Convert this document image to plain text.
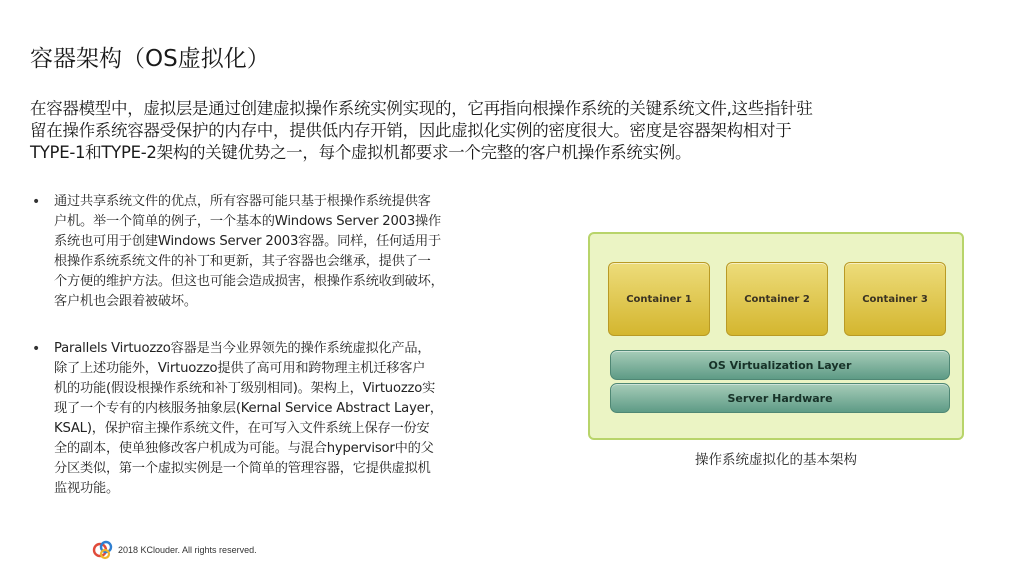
容器架构（OS虚拟化）
在容器模型中，虚拟层是通过创建虚拟操作系统实例实现的，它再指向根操作系统的关键系统文件,这些指针驻
留在操作系统容器受保护的内存中，提供低内存开销，因此虚拟化实例的密度很大。密度是容器架构相对于
TYPE-1和TYPE-2架构的关键优势之一，每个虚拟机都要求一个完整的客户机操作系统实例。
• 通过共享系统文件的优点，所有容器可能只基于根操作系统提供客
户机。举一个简单的例子，一个基本的Windows Server 2003操作
系统也可用于创建Windows Server 2003容器。同样，任何适用于
根操作系统系统文件的补丁和更新，其子容器也会继承，提供了一
个方便的维护方法。但这也可能会造成损害，根操作系统收到破坏，
客户机也会跟着被破坏。
• Parallels Virtuozzo容器是当今业界领先的操作系统虚拟化产品，
除了上述功能外，Virtuozzo提供了高可用和跨物理主机迁移客户
机的功能(假设根操作系统和补丁级别相同)。架构上，Virtuozzo实
现了一个专有的内核服务抽象层(Kernal Service Abstract Layer，
KSAL)，保护宿主操作系统文件，在可写入文件系统上保存一份安
全的副本，使单独修改客户机成为可能。与混合hypervisor中的父
分区类似，第一个虚拟实例是一个简单的管理容器，它提供虚拟机
监视功能。
Container 1	Container 2	Container 3
OS Virtualization Layer
Server Hardware
操作系统虚拟化的基本架构
2018 KClouder. All rights reserved.
